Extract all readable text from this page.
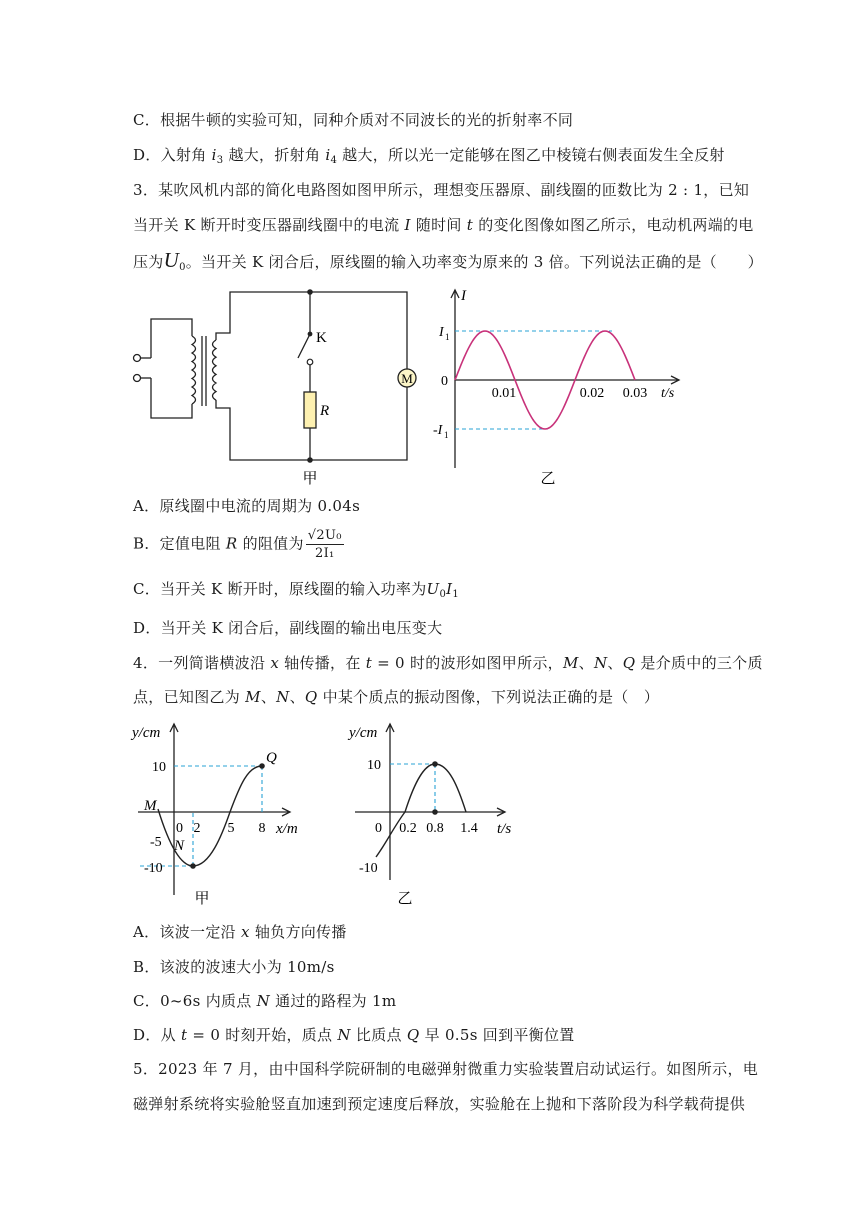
C．根据牛顿的实验可知，同种介质对不同波长的光的折射率不同
D．入射角 $i_3$ 越大，折射角 $i_4$ 越大，所以光一定能够在图乙中棱镜右侧表面发生全反射
3．某吹风机内部的简化电路图如图甲所示，理想变压器原、副线圈的匝数比为 2 : 1，已知
当开关 K 断开时变压器副线圈中的电流 I 随时间 t 的变化图像如图乙所示，电动机两端的电
压为$U_0$。当开关 K 闭合后，原线圈的输入功率变为原来的 3 倍。下列说法正确的是（　　）
M
K
R
甲
I
I 1
-I 1
0
0.01	0.02 0.03 t/s
乙
A．原线圈中电流的周期为 0.04s
B．定值电阻 R 的阻值为 $\frac{\text{√2U₀}}{\text{2I₁}}$
C．当开关 K 断开时，原线圈的输入功率为$U_0I_1$
D．当开关 K 闭合后，副线圈的输出电压变大
4．一列简谐横波沿 x 轴传播，在 t = 0 时的波形如图甲所示，M、N、Q 是介质中的三个质
点，已知图乙为 M、N、Q 中某个质点的振动图像，下列说法正确的是（　）
y/cm
Q
M
10
0
-5 N
-10
2 5 8 x/m
甲
y/cm
10
0 0.2 0.8 1.4 t/s
-10
乙
A．该波一定沿 x 轴负方向传播
B．该波的波速大小为 10m/s
C．0~6s 内质点 N 通过的路程为 1m
D．从 t = 0 时刻开始，质点 N 比质点 Q 早 0.5s 回到平衡位置
5．2023 年 7 月，由中国科学院研制的电磁弹射微重力实验装置启动试运行。如图所示，电
磁弹射系统将实验舱竖直加速到预定速度后释放，实验舱在上抛和下落阶段为科学载荷提供
